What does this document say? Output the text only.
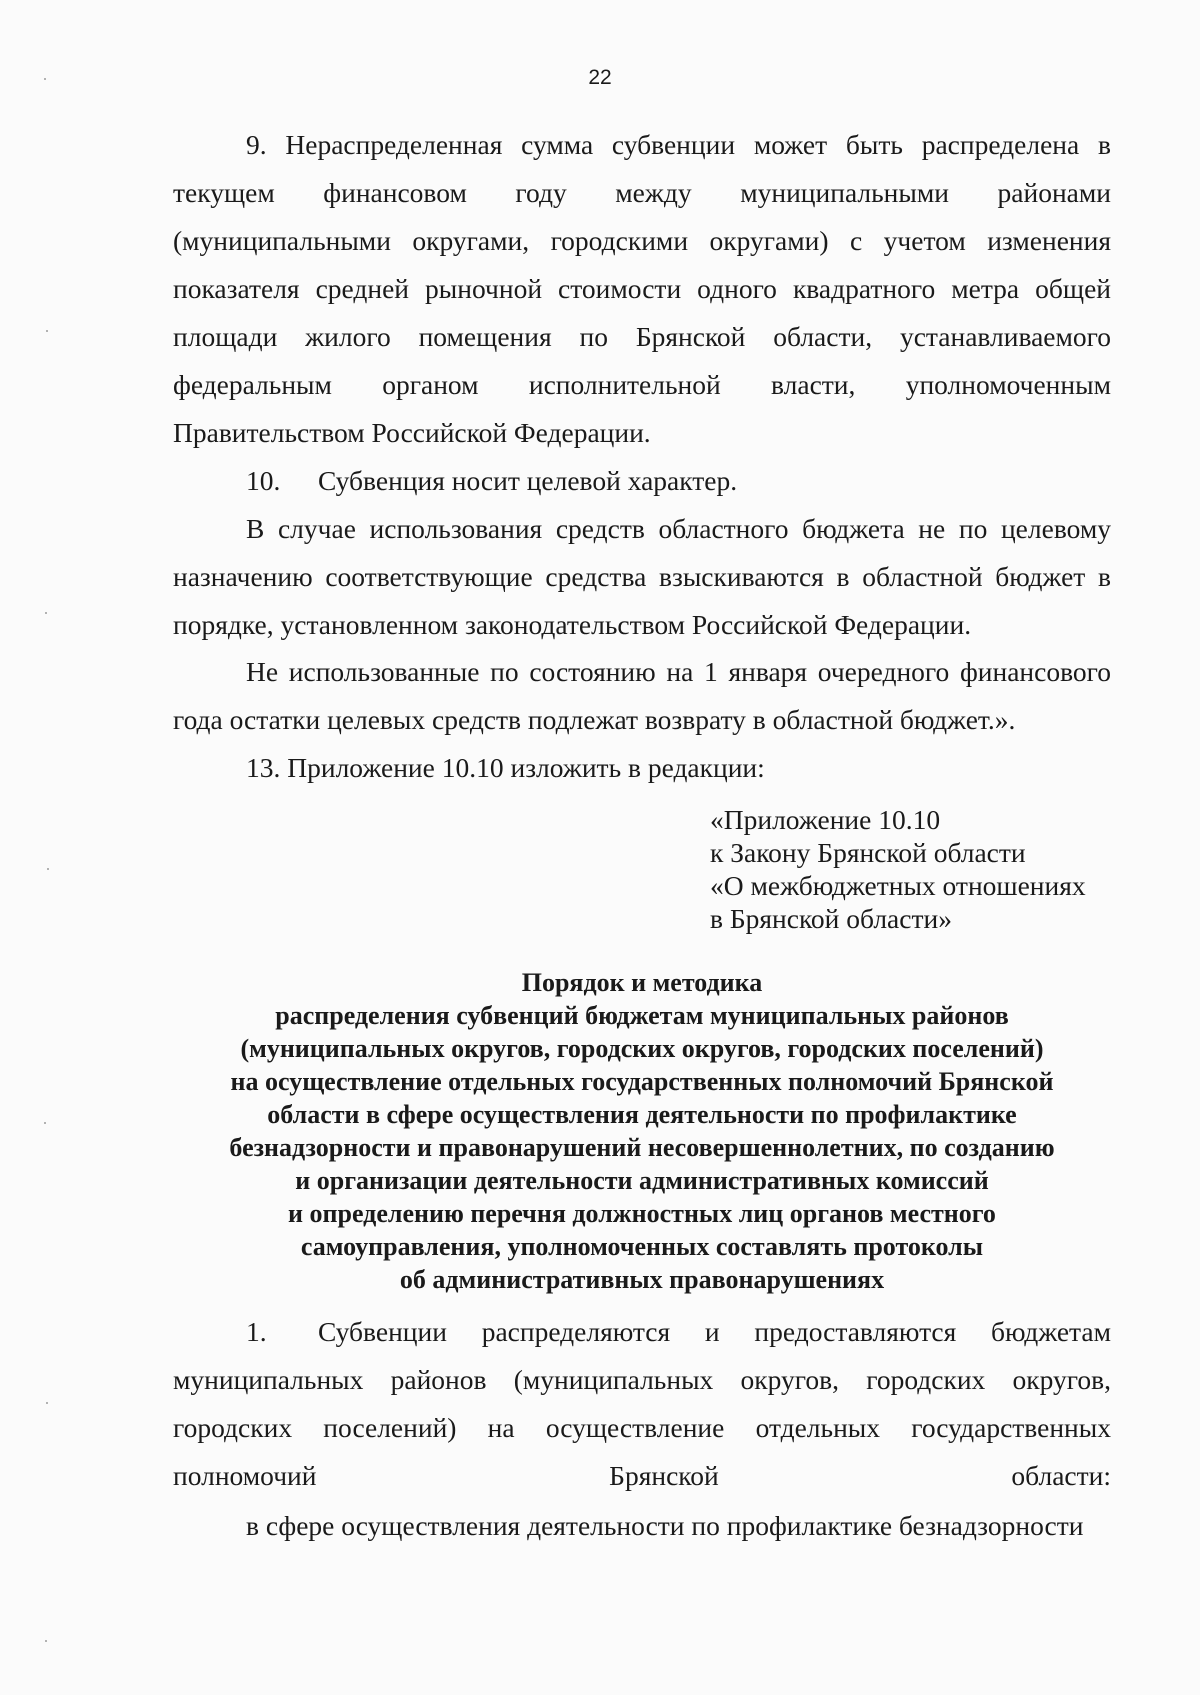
22

9. Нераспределенная сумма субвенции может быть распределена в текущем финансовом году между муниципальными районами (муниципальными округами, городскими округами) с учетом изменения показателя средней рыночной стоимости одного квадратного метра общей площади жилого помещения по Брянской области, устанавливаемого федеральным органом исполнительной власти, уполномоченным Правительством Российской Федерации.

10. Субвенция носит целевой характер.

В случае использования средств областного бюджета не по целевому назначению соответствующие средства взыскиваются в областной бюджет в порядке, установленном законодательством Российской Федерации.

Не использованные по состоянию на 1 января очередного финансового года остатки целевых средств подлежат возврату в областной бюджет.».

13. Приложение 10.10 изложить в редакции:

«Приложение 10.10
к Закону Брянской области
«О межбюджетных отношениях
в Брянской области»
Порядок и методика
распределения субвенций бюджетам муниципальных районов
(муниципальных округов, городских округов, городских поселений)
на осуществление отдельных государственных полномочий Брянской
области в сфере осуществления деятельности по профилактике
безнадзорности и правонарушений несовершеннолетних, по созданию
и организации деятельности административных комиссий
и определению перечня должностных лиц органов местного
самоуправления, уполномоченных составлять протоколы
об административных правонарушениях

1. Субвенции распределяются и предоставляются бюджетам муниципальных районов (муниципальных округов, городских округов, городских поселений) на осуществление отдельных государственных полномочий Брянской области:

в сфере осуществления деятельности по профилактике безнадзорности
